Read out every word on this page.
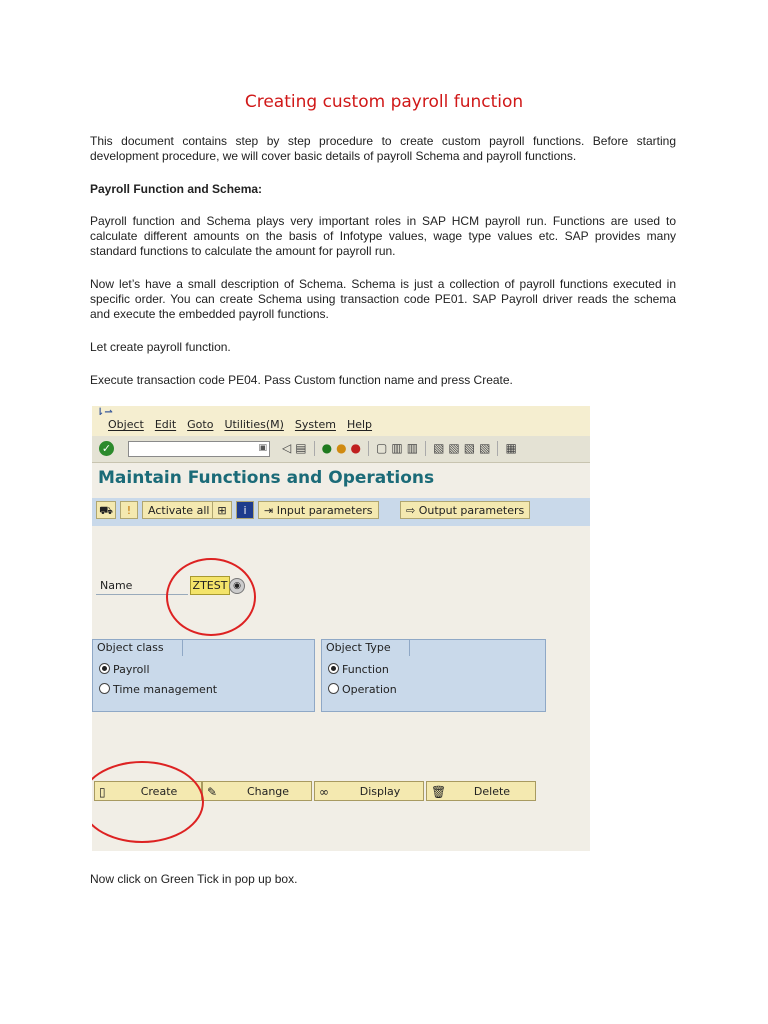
Creating custom payroll function

This document contains step by step procedure to create custom payroll functions. Before starting development procedure, we will cover basic details of payroll Schema and payroll functions.

Payroll Function and Schema:

Payroll function and Schema plays very important roles in SAP HCM payroll run. Functions are used to calculate different amounts on the basis of Infotype values, wage type values etc. SAP provides many standard functions to calculate the amount for payroll run.

Now let’s have a small description of Schema. Schema is just a collection of payroll functions executed in specific order. You can create Schema using transaction code PE01. SAP Payroll driver reads the schema and execute the embedded payroll functions.

Let create payroll function.

Execute transaction code PE04. Pass Custom function name and press Create.

⇂⇀
Object Edit Goto Utilities(M) System Help
✓	▣ ◁ ▤ ● ● ● ▢ ▥ ▥ ▧ ▧ ▧ ▧ ▦
Maintain Functions and Operations
⛟	!	Activate all ⊞	i	⇥ Input parameters	⇨ Output parameters
Name	ZTEST ◉
Object class
Payroll
Time management
Object Type
Function
Operation
▯	Create	✎	Change	∞	Display	🗑	Delete

Now click on Green Tick in pop up box.
